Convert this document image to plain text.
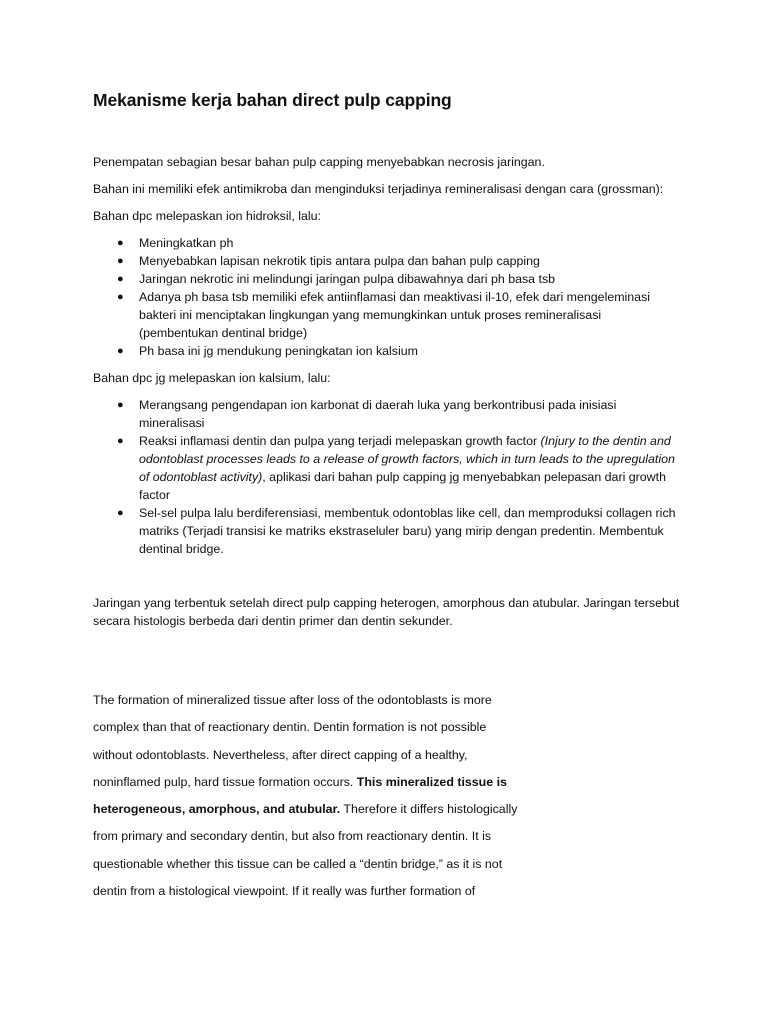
Mekanisme kerja bahan direct pulp capping

Penempatan sebagian besar bahan pulp capping menyebabkan necrosis jaringan.

Bahan ini memiliki efek antimikroba dan menginduksi terjadinya remineralisasi dengan cara (grossman):

Bahan dpc melepaskan ion hidroksil, lalu:

● Meningkatkan ph
● Menyebabkan lapisan nekrotik tipis antara pulpa dan bahan pulp capping
● Jaringan nekrotic ini melindungi jaringan pulpa dibawahnya dari ph basa tsb
● Adanya ph basa tsb memiliki efek antiinflamasi dan meaktivasi il-10, efek dari mengeleminasi bakteri ini menciptakan lingkungan yang memungkinkan untuk proses remineralisasi (pembentukan dentinal bridge)
● Ph basa ini jg mendukung peningkatan ion kalsium

Bahan dpc jg melepaskan ion kalsium, lalu:

● Merangsang pengendapan ion karbonat di daerah luka yang berkontribusi pada inisiasi mineralisasi
● Reaksi inflamasi dentin dan pulpa yang terjadi melepaskan growth factor (Injury to the dentin and odontoblast processes leads to a release of growth factors, which in turn leads to the upregulation of odontoblast activity), aplikasi dari bahan pulp capping jg menyebabkan pelepasan dari growth factor
● Sel-sel pulpa lalu berdiferensiasi, membentuk odontoblas like cell, dan memproduksi collagen rich matriks (Terjadi transisi ke matriks ekstraseluler baru) yang mirip dengan predentin. Membentuk dentinal bridge.

Jaringan yang terbentuk setelah direct pulp capping heterogen, amorphous dan atubular. Jaringan tersebut secara histologis berbeda dari dentin primer dan dentin sekunder.

The formation of mineralized tissue after loss of the odontoblasts is more

complex than that of reactionary dentin. Dentin formation is not possible

without odontoblasts. Nevertheless, after direct capping of a healthy,

noninflamed pulp, hard tissue formation occurs. This mineralized tissue is

heterogeneous, amorphous, and atubular. Therefore it differs histologically

from primary and secondary dentin, but also from reactionary dentin. It is

questionable whether this tissue can be called a “dentin bridge,” as it is not

dentin from a histological viewpoint. If it really was further formation of
